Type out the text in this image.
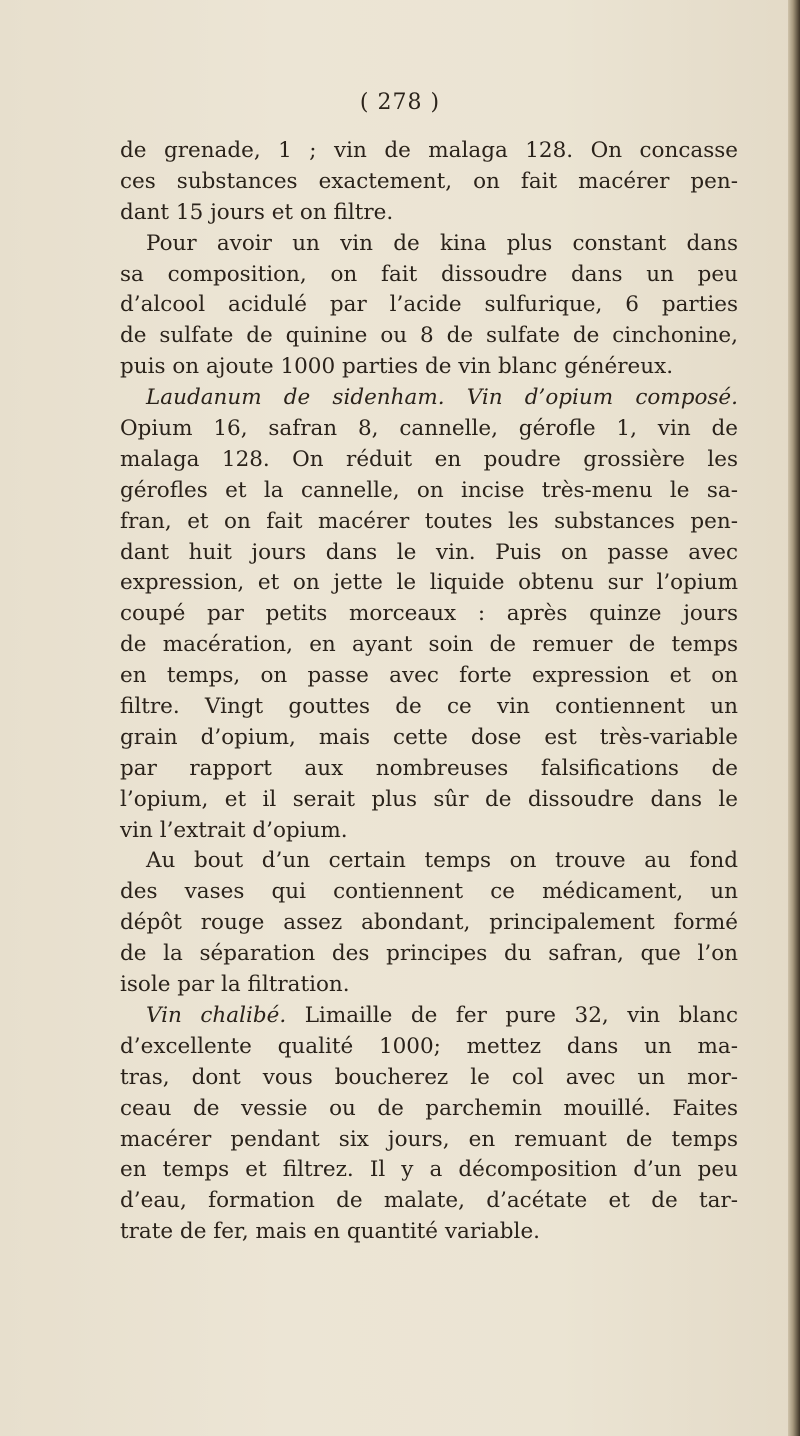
( 278 )
de grenade, 1 ; vin de malaga 128. On concasse
ces substances exactement, on fait macérer pen-
dant 15 jours et on filtre.
Pour avoir un vin de kina plus constant dans
sa composition, on fait dissoudre dans un peu
d’alcool acidulé par l’acide sulfurique, 6 parties
de sulfate de quinine ou 8 de sulfate de cinchonine,
puis on ajoute 1000 parties de vin blanc généreux.
Laudanum de sidenham. Vin d’opium composé.
Opium 16, safran 8, cannelle, gérofle 1, vin de
malaga 128. On réduit en poudre grossière les
gérofles et la cannelle, on incise très-menu le sa-
fran, et on fait macérer toutes les substances pen-
dant huit jours dans le vin. Puis on passe avec
expression, et on jette le liquide obtenu sur l’opium
coupé par petits morceaux : après quinze jours
de macération, en ayant soin de remuer de temps
en temps, on passe avec forte expression et on
filtre. Vingt gouttes de ce vin contiennent un
grain d’opium, mais cette dose est très-variable
par rapport aux nombreuses falsifications de
l’opium, et il serait plus sûr de dissoudre dans le
vin l’extrait d’opium.
Au bout d’un certain temps on trouve au fond
des vases qui contiennent ce médicament, un
dépôt rouge assez abondant, principalement formé
de la séparation des principes du safran, que l’on
isole par la filtration.
Vin chalibé. Limaille de fer pure 32, vin blanc
d’excellente qualité 1000; mettez dans un ma-
tras, dont vous boucherez le col avec un mor-
ceau de vessie ou de parchemin mouillé. Faites
macérer pendant six jours, en remuant de temps
en temps et filtrez. Il y a décomposition d’un peu
d’eau, formation de malate, d’acétate et de tar-
trate de fer, mais en quantité variable.
